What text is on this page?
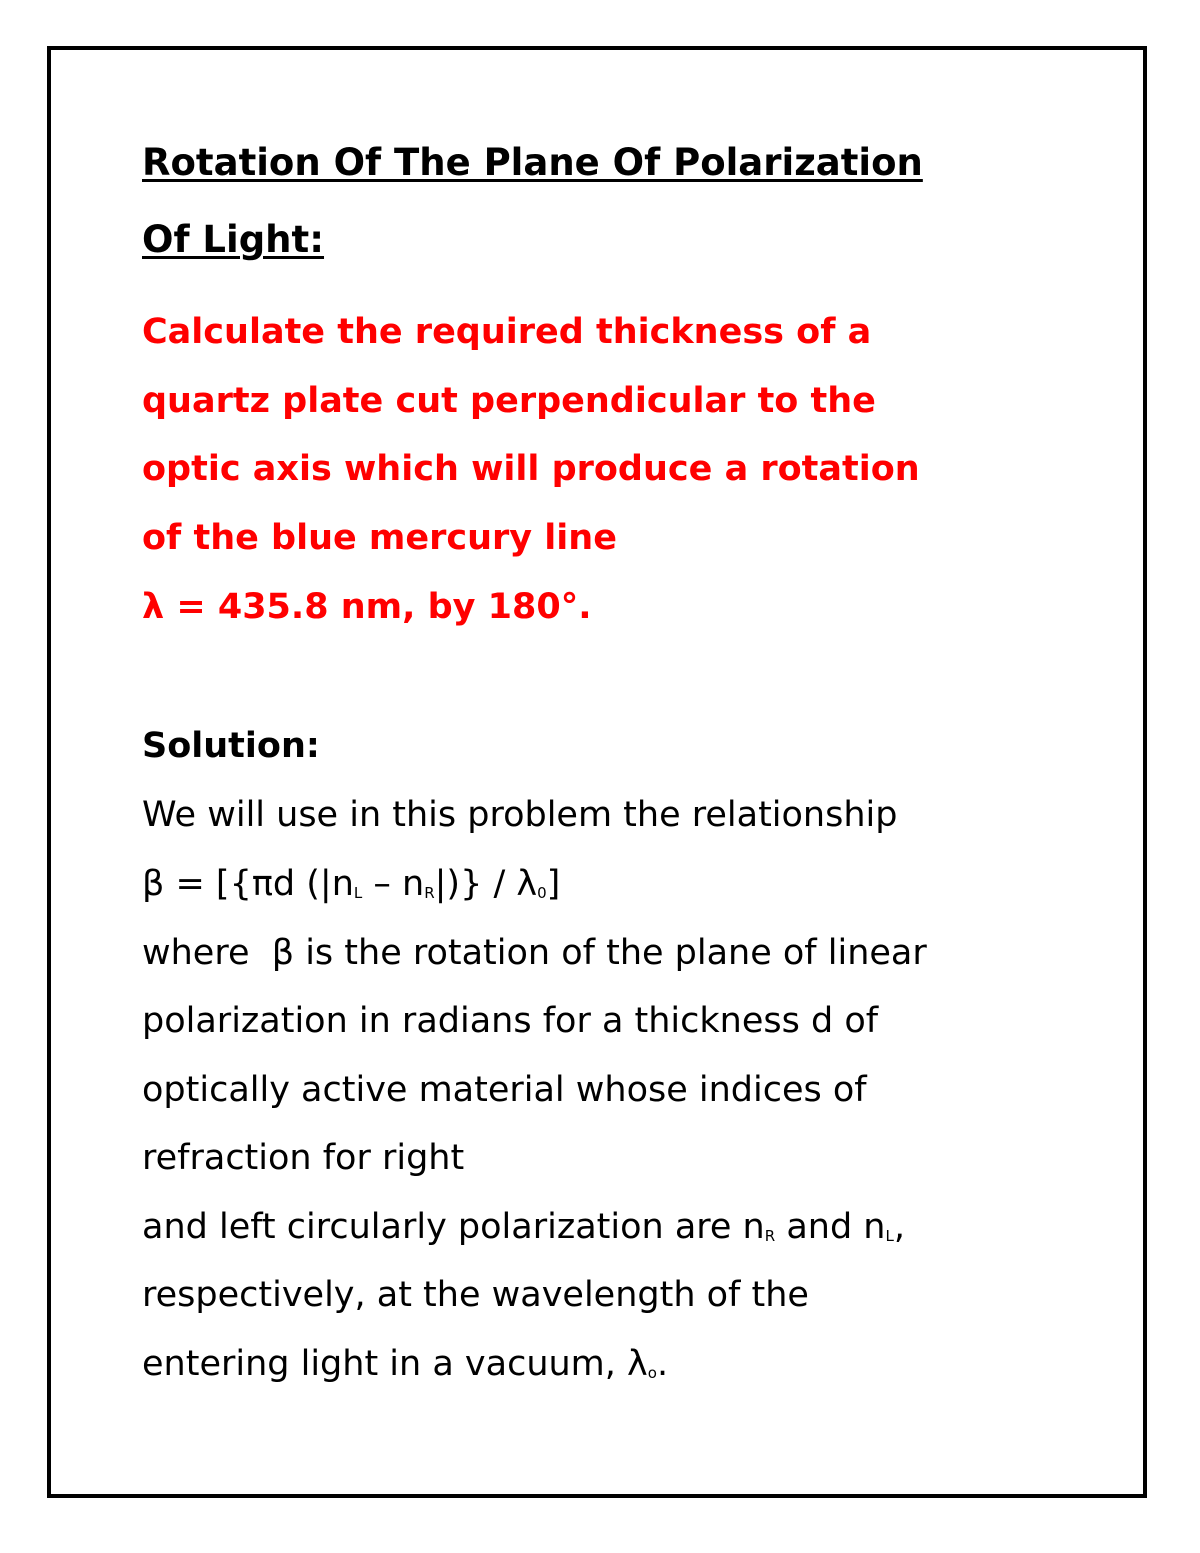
Rotation Of The Plane Of Polarization
Of Light:
Calculate the required thickness of a
quartz plate cut perpendicular to the
optic axis which will produce a rotation
of the blue mercury line
λ = 435.8 nm, by 180°.
Solution:
We will use in this problem the relationship
β = [{πd $(|n_L - n_R|)\} / \lambda_0$]
where  β is the rotation of the plane of linear
polarization in radians for a thickness d of
optically active material whose indices of
refraction for right
and left circularly polarization are $n_R$ and $n_L$,
respectively, at the wavelength of the
entering light in a vacuum, $\lambda_o$.
